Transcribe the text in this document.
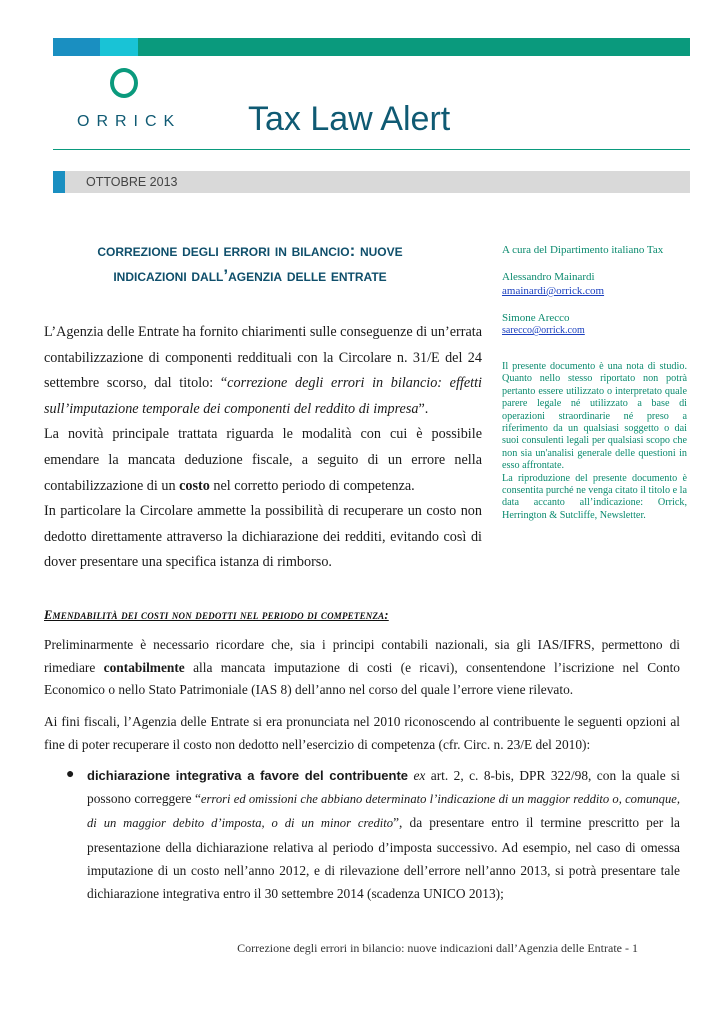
ORRICK Tax Law Alert
OTTOBRE 2013
correzione degli errori in bilancio: nuove
indicazioni dall’agenzia delle entrate

L’Agenzia delle Entrate ha fornito chiarimenti sulle conseguenze di un’errata contabilizzazione di componenti reddituali con la Circolare n. 31/E del 24 settembre scorso, dal titolo: “correzione degli errori in bilancio: effetti sull’imputazione temporale dei componenti del reddito di impresa”.

La novità principale trattata riguarda le modalità con cui è possibile emendare la mancata deduzione fiscale, a seguito di un errore nella contabilizzazione di un costo nel corretto periodo di competenza.

In particolare la Circolare ammette la possibilità di recuperare un costo non dedotto direttamente attraverso la dichiarazione dei redditi, evitando così di dover presentare una specifica istanza di rimborso.

A cura del Dipartimento italiano Tax
Alessandro Mainardi
amainardi@orrick.com
Simone Arecco
sarecco@orrick.com

Il presente documento è una nota di studio. Quanto nello stesso riportato non potrà pertanto essere utilizzato o interpretato quale parere legale né utilizzato a base di operazioni straordinarie né preso a riferimento da un qualsiasi soggetto o dai suoi consulenti legali per qualsiasi scopo che non sia un'analisi generale delle questioni in esso affrontate.

La riproduzione del presente documento è consentita purché ne venga citato il titolo e la data accanto all’indicazione: Orrick, Herrington & Sutcliffe, Newsletter.

Emendabilità dei costi non dedotti nel periodo di competenza:

Preliminarmente è necessario ricordare che, sia i principi contabili nazionali, sia gli IAS/IFRS, permettono di rimediare contabilmente alla mancata imputazione di costi (e ricavi), consentendone l’iscrizione nel Conto Economico o nello Stato Patrimoniale (IAS 8) dell’anno nel corso del quale l’errore viene rilevato.

Ai fini fiscali, l’Agenzia delle Entrate si era pronunciata nel 2010 riconoscendo al contribuente le seguenti opzioni al fine di poter recuperare il costo non dedotto nell’esercizio di competenza (cfr. Circ. n. 23/E del 2010):

● dichiarazione integrativa a favore del contribuente ex art. 2, c. 8-bis, DPR 322/98, con la quale si possono correggere “errori ed omissioni che abbiano determinato l’indicazione di un maggior reddito o, comunque, di un maggior debito d’imposta, o di un minor credito”, da presentare entro il termine prescritto per la presentazione della dichiarazione relativa al periodo d’imposta successivo. Ad esempio, nel caso di omessa imputazione di un costo nell’anno 2012, e di rilevazione dell’errore nell’anno 2013, si potrà presentare tale dichiarazione integrativa entro il 30 settembre 2014 (scadenza UNICO 2013);

Correzione degli errori in bilancio: nuove indicazioni dall’Agenzia delle Entrate - 1
